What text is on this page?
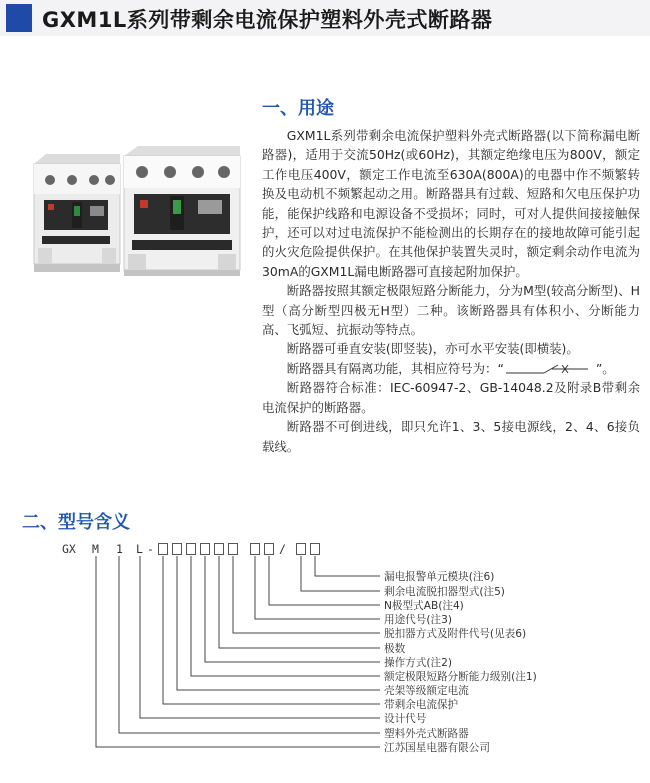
GXM1L系列带剩余电流保护塑料外壳式断路器
一、用途

GXM1L系列带剩余电流保护塑料外壳式断路器(以下简称漏电断路器)，适用于交流50Hz(或60Hz)，其额定绝缘电压为800V，额定工作电压400V，额定工作电流至630A(800A)的电器中作不频繁转换及电动机不频繁起动之用。断路器具有过载、短路和欠电压保护功能，能保护线路和电源设备不受损坏；同时，可对人提供间接接触保护，还可以对过电流保护不能检测出的长期存在的接地故障可能引起的火灾危险提供保护。在其他保护装置失灵时，额定剩余动作电流为30mA的GXM1L漏电断路器可直接起附加保护。

断路器按照其额定极限短路分断能力，分为M型(较高分断型)、H型（高分断型四极无H型）二种。该断路器具有体积小、分断能力高、飞弧短、抗振动等特点。

断路器可垂直安装(即竖装)，亦可水平安装(即横装)。

断路器具有隔离功能，其相应符号为：“	”。

断路器符合标准：IEC-60947-2、GB-14048.2及附录B带剩余电流保护的断路器。

断路器不可倒进线，即只允许1、3、5接电源线，2、4、6接负载线。

二、型号含义
GX M 1 L -	/
漏电报警单元模块(注6)
剩余电流脱扣器型式(注5)
N极型式AB(注4)
用途代号(注3)
脱扣器方式及附件代号(见表6)
极数
操作方式(注2)
额定极限短路分断能力级别(注1)
壳架等级额定电流
带剩余电流保护
设计代号
塑料外壳式断路器
江苏国星电器有限公司
